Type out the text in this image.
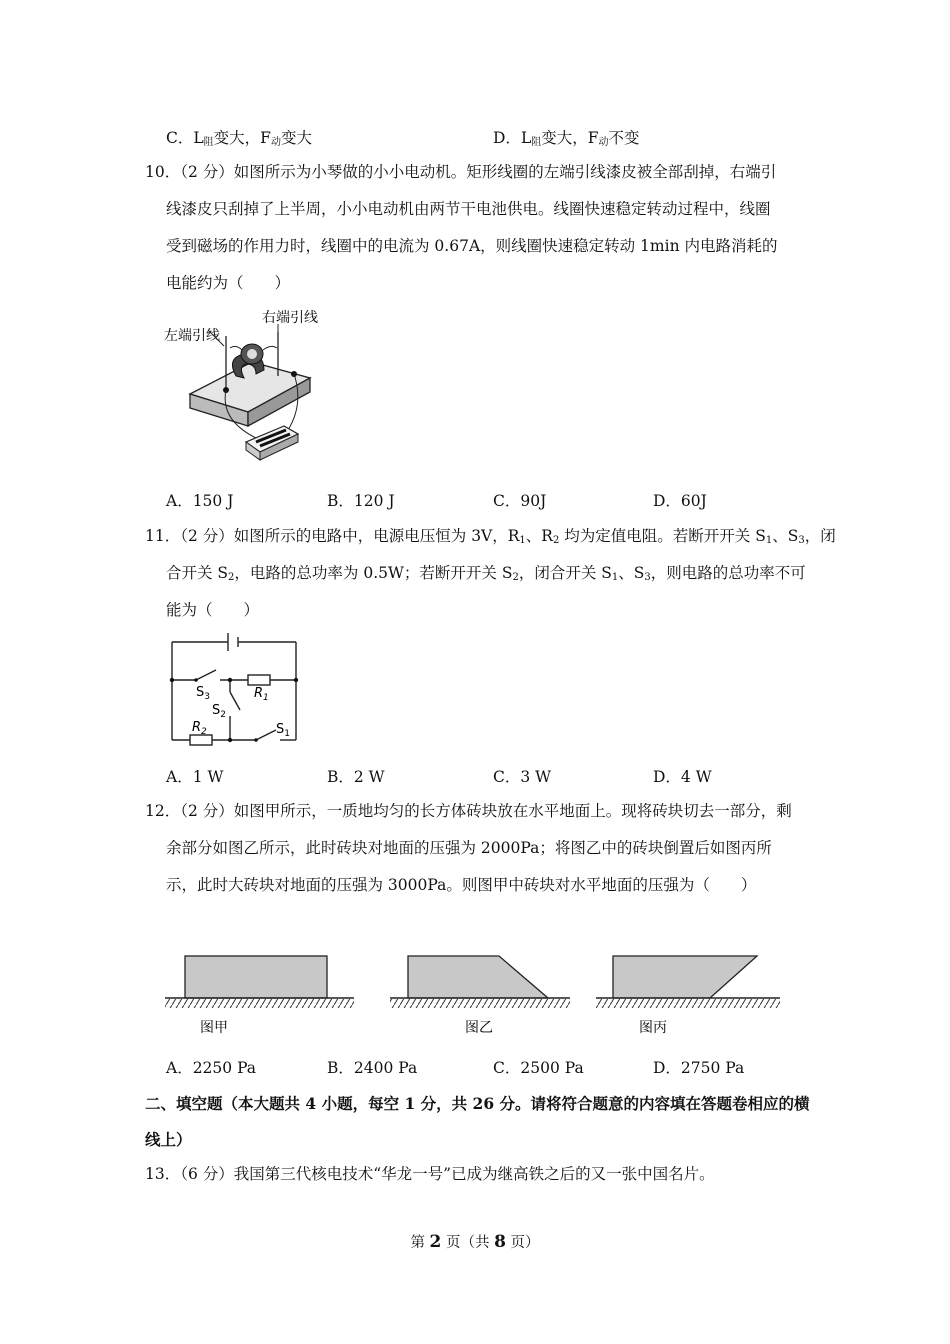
C．$L_阻$变大，$F_动$变大	D．$L_阻$变大，$F_动$不变
10．（2 分）如图所示为小琴做的小小电动机。矩形线圈的左端引线漆皮被全部刮掉，右端引
线漆皮只刮掉了上半周，小小电动机由两节干电池供电。线圈快速稳定转动过程中，线圈
受到磁场的作用力时，线圈中的电流为 0.67A，则线圈快速稳定转动 1min 内电路消耗的
电能约为（　　）
左端引线
右端引线
A．150 J	B．120 J	C．90J	D．60J
11．（2 分）如图所示的电路中，电源电压恒为 3V，$R_1$、$R_2$ 均为定值电阻。若断开开关 $S_1$、$S_3$，闭
合开关 $S_2$，电路的总功率为 0.5W；若断开开关 $S_2$，闭合开关 $S_1$、$S_3$，则电路的总功率不可
能为（　　）
$S_3$	$R_1$
$S_2$
$R_2$	$S_1$
A．1 W	B．2 W	C．3 W	D．4 W
12．（2 分）如图甲所示，一质地均匀的长方体砖块放在水平地面上。现将砖块切去一部分，剩
余部分如图乙所示，此时砖块对地面的压强为 2000Pa；将图乙中的砖块倒置后如图丙所
示，此时大砖块对地面的压强为 3000Pa。则图甲中砖块对水平地面的压强为（　　）
图甲	图乙	图丙
A．2250 Pa	B．2400 Pa	C．2500 Pa	D．2750 Pa
二、填空题（本大题共 4 小题，每空 1 分，共 26 分。请将符合题意的内容填在答题卷相应的横
线上）
13．（6 分）我国第三代核电技术“华龙一号”已成为继高铁之后的又一张中国名片。
第 2 页（共 8 页）
